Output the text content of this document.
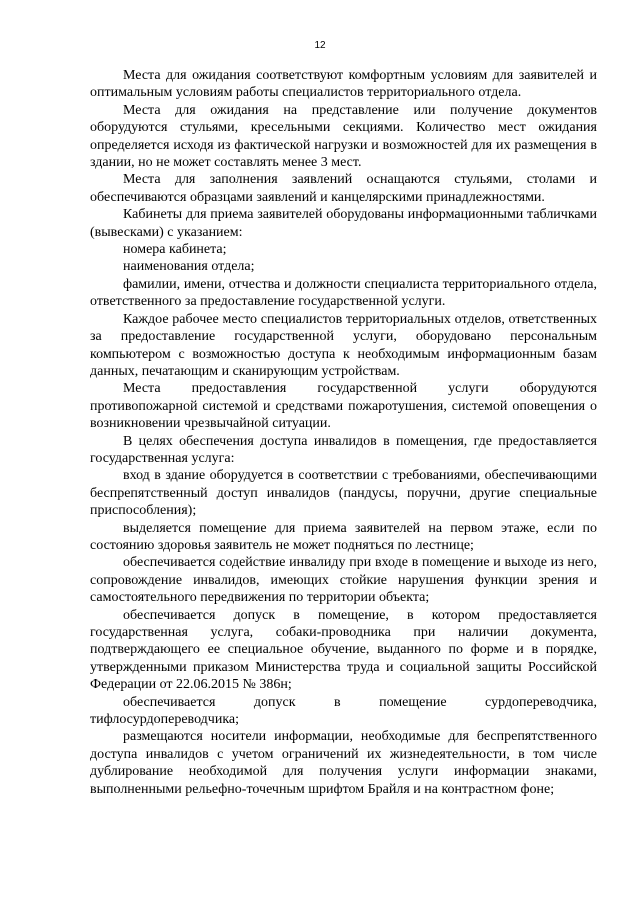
12

Места для ожидания соответствуют комфортным условиям для заявителей и оптимальным условиям работы специалистов территориального отдела.

Места для ожидания на представление или получение документов оборудуются стульями, кресельными секциями. Количество мест ожидания определяется исходя из фактической нагрузки и возможностей для их размещения в здании, но не может составлять менее 3 мест.

Места для заполнения заявлений оснащаются стульями, столами и обеспечиваются образцами заявлений и канцелярскими принадлежностями.

Кабинеты для приема заявителей оборудованы информационными табличками (вывесками) с указанием:

номера кабинета;

наименования отдела;

фамилии, имени, отчества и должности специалиста территориального отдела, ответственного за предоставление государственной услуги.

Каждое рабочее место специалистов территориальных отделов, ответственных за предоставление государственной услуги, оборудовано персональным компьютером с возможностью доступа к необходимым информационным базам данных, печатающим и сканирующим устройствам.

Места предоставления государственной услуги оборудуются противопожарной системой и средствами пожаротушения, системой оповещения о возникновении чрезвычайной ситуации.

В целях обеспечения доступа инвалидов в помещения, где предоставляется государственная услуга:

вход в здание оборудуется в соответствии с требованиями, обеспечивающими беспрепятственный доступ инвалидов (пандусы, поручни, другие специальные приспособления);

выделяется помещение для приема заявителей на первом этаже, если по состоянию здоровья заявитель не может подняться по лестнице;

обеспечивается содействие инвалиду при входе в помещение и выходе из него, сопровождение инвалидов, имеющих стойкие нарушения функции зрения и самостоятельного передвижения по территории объекта;

обеспечивается допуск в помещение, в котором предоставляется государственная услуга, собаки-проводника при наличии документа, подтверждающего ее специальное обучение, выданного по форме и в порядке, утвержденными приказом Министерства труда и социальной защиты Российской Федерации от 22.06.2015 № 386н;

обеспечивается допуск в помещение сурдопереводчика, тифлосурдопереводчика;

размещаются носители информации, необходимые для беспрепятственного доступа инвалидов с учетом ограничений их жизнедеятельности, в том числе дублирование необходимой для получения услуги информации знаками, выполненными рельефно-точечным шрифтом Брайля и на контрастном фоне;
